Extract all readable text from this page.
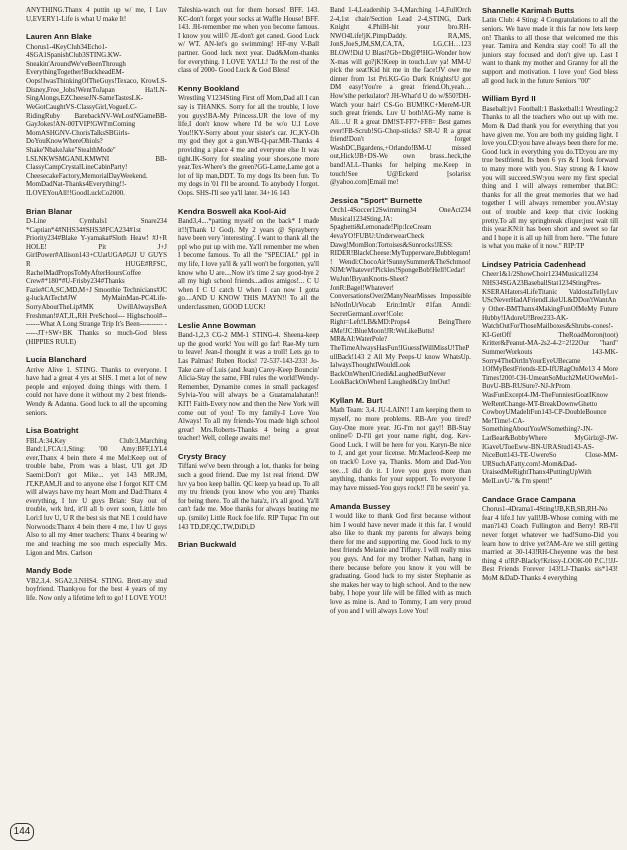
ANYTHING.Thanx 4 puttin up w/ me, I Luv U,EVERY1-Life is what U make It!

Lauren Ann Blake

Chorus1-4KeyClub34Echo1-4SGA1SpanishClub3STING.KW-Sneakin'AroundWe'veBeenThrough EverythingTogether!BuckheadEM-Oops!IwasThinkingOfTheGuys!Texaco, KrowLS-Disney,Free_Jobs!WentToJapan Ha!LN-SingAlongs,EZCheeseJN-SameTastesLK-WeGotCaughtVS-ClassyGirl,VogueLC-RidingRuby BarebackNV-WeLostNGameBB-GayJokes!AN-00TVIP!GWI'mComing MomASHGNV-ChorisTalksSBGirls-DoYouKnowWhereOhiols? Shake'NbakeJake"StealthMode" LSLNKWSMGANLKMWNI BB-ClassyCampCrystalLineCabinParty! CheesecakeFactory,MemorialDayWeekend. MomDadNat-Thanks4Everything!!-ILOVEYouAll!!GoodLuckCo2000.

Brian Blanar

D-Line Cymbals1 Snare234 *Captian*4#NHS34#SHS3#FCA234#1st Priority234#Blake Y-yamaka#Sloth Heaw! #J+R HOLE! Pit J+J GirlPower#Allison143+CUatUGA#GJJ U GUYS R HUGE#RFSC, RachelMadPropsToMyAfterHoursCoffee Crew#*180*#U-Frisby234#Thanks Fazie#CA,SC,MD,M+J Smoothie Technicians#JC g-luckAtTech#JW MyMainMan-PC4Life-SorryAboutTheLip#MK UwillAlwaysBeA Freshman!#AT,JL,RH PreSchool--- Highschool#--------What A Long Strange Trip It's Been---------- ------JT+SW+BK Thanks so much-God bless (HIPPIES RULE)

Lucia Blanchard

Arrive Alive 1. STING. Thanks to everyone. I have had a great 4 yrs at SHS. I met a lot of new people and enjoyed doing things with them. I could not have done it without my 2 best friends-Wendy & Adanna. Good luck to all the upcoming seniors.

Lisa Boatright

FBLA:34,Key Club:3,Marching Band:1,FCA:1,Sting: '00 Amy:BFF,LYL4 ever,Thanx 4 bein there 4 me Mel:Keep out of trouble babe, Prom was a blast, U'll get JD Saemi:Don't got Mike... yet 143 MR.JM, JT,KP,AM,JI and to anyone else I forgot KIT CM will always have my heart Mom and Dad:Thanx 4 everything, I luv U guys Brian: Stay out of trouble, wrk hrd, it'll all b over soon, Little bro Lori:I luv U, U R the best sis that NE 1 could have Norwoods:Thanx 4 bein there 4 me, I luv U guys Also to all my 4mer teachers: Thanx 4 bearing w/ me and teaching me soo much especially Mrs. Ligon and Mrs. Carlson

Mandy Bode

VB2,3,4. SGA2,3.NHS4. STING. Brett-my stud boyfriend. Thankyou for the best 4 years of my life. Now only a lifetime left to go! I LOVE YOU!

Taleshia-watch out for them horses! BFF. 143. KC-don't forget your socks at Waffle House! BFF. 143. JH-remember me when you become famous. I know you will© JE-don't get caned. Good Luck w/ WT. AN-let's go swimming! HF-my V-Ball partner. Good luck next year. Dad&Mom-thanks for everything. I LOVE YA'LL! To the rest of the class of 2000- Good Luck & God Bless!

Kenny Bookland

Wrestling V1234Sting First off Mom,Dad all I can say is THANKS. Sorry for all the trouble, I love you guys!BA-My Princess.UR the love of my life,I don't know where I'd be w/o U.I Love You!!KY-Sorry about your sister's car. JC,KY-Oh my god they got a gun.WB-Q-par.MR-Thanks 4 providing a place 4 me and everyone else It was tight.IK-Sorry for stealing your shoes,one more year.Tex-Where's the green?GG-Lame,Lame got a lot of lip man,DDT. To my dogs Its been fun. To my dogs in '01 I'll be around. To anybody I forgot. Oops. SHS-I'll see ya'll later. 34+16 143

Kendra Boswell aka Kool-Aid

Band3,4....*patting myself on the back* I made it!!(Thank U God). My 2 years @ Sprayberry have been very 'interesting'. I want to thank all the ppl who put up with me. Ya'll remember me when I become famous. To all the "SPECIAL" ppl in my life, I love ya'll & ya'll won't be forgotten, ya'll know who U are....Now it's time 2 say good-bye 2 all my high school friends...adios amigos!... C U when I C U catch U when I can now I gotta go....AND U KNOW THIS MAYN!! To all the underclassmen, GOOD LUCK!

Leslie Anne Bowman

Band-1,2,3 CG-2 MM-1 STING-4. Sheena-keep up the good work! You will go far! Rae-My turn to leave! Jean-I thought it was a troll! Lets go to Las Palmas! Ruben Rocks! 72-537-143-233! Jo-Take care of Luis (and Jean) Carey-Keep Bouncin' Alicia-Stay the same, FBI rules the world!Wendy-Remember, Dynamite comes in small packages! Sylvia-You will always be a Guatamalahatan!! KIT! Faith-Every now and then the New York will come out of you! To my family-I Love You Always! To all my friends-You made high school great! Mrs.Roberts-Thanks 4 being a great teacher! Well, college awaits me!

Crysty Bracy

Tiffani we've been through a lot, thanks for being such a good friend. Dae my 1st real friend. DW luv ya boo keep ballin. QC keep ya head up. To all my tru friends (you know who you are) Thanks for being there. To all the hata'z, it's all good. Ya'll can't fade me. Moe thanks for always beating me up. (smile) Little Rock foe life. RIP Tupac I'm out 143 TD,DF,QC,TW,DiDi,D

Brian Buckwald

Band 1-4,Leadership 3-4,Marching 1-4,FullOrch 2-4,1st chair/Section Lead 2-4,STING, Dark Knight 4.PhilH-hit your bro.RH-NWO4Life!jK.PimpDaddy. RA,MS, JonS,JoeS,JM,SM,CA,TA, LG,CH…123 BLOW!Did U Blast?Gb+Db@P!HG-Wonder how X-mas will go?jK!Keep in touch.Luv ya! MM-U pick the seat!Kid hit me in the face!JV owe me dinner from 1st Pri.KG-Go Dark Knights!U got DM easy!You're a great friend.Oh,yeah…How'sthe perkulator? JH-What'd U do w/$50?DH-Watch your hair! CS-Go BUM!KC+MereM-UR such great friends. Luv U both!AG-My name is Ali…U R a great DM!ST-FF7+FF8= Best games ever!FB-Scrub!SG-Chop-sticks? SR-U R a great friend!Don't forget WashDC,Bgardens,+Orlando!BM-U missed out,Hick!JB+DS-We own brass..heck,the band!ALL-Thanks for helping me.Keep in touch!See U@Eckerd [solarisx @yahoo.com]Email me!

Jessica "Sport" Burnette

Orch1-4Soccer12Swimming34 OneAct234 Musical1234Sting.JA: Spaghetti&Lemonade!Pip:IceCream 4evaYO!FUBU:UnderwearCheck Dawg!MomBon:Tortoises&Sunrocks!JESS: RIDER!BlackCheese:MyTupperware,Bubblegum!! Wendi:ChocoAir!SunnySummer&TheSchmoo! NJM:Whatever!Pickles!SpongeBob!Hell!Cedar!WuJun!BryanKnotts-Sheet?JonR:Bagel!Whatever! ConversationsOver2ManyNearMisses Impossible IsNotInUrVocab Erin:ImUr #1fan Anndi: SecretGermanLover!Cole: Right=Left!LB&MD:Props4 BeingThere 4Me!JC:BlueMoon!JR:WeLikeButts! MR&AI:WaterPole?TheTimeAlwaysHasFun!IGuessIWillMissU!ThePullBack!143 2 All My Peeps-U know WhatsUp. IalwaysThoughtIWouldLook BackOnWhenICriedi&LaughedButNever LookBackOnWhenI Laughed&Cry ImOut!

Kyllan M. Burt

Math Team: 3,4. JU-LAIN!! I am keeping them to myself, no more problems. RB-Are you tired? Guy-One more year. JG-I'm not gay!! BB-Stay online© D-I'll get your name right, dog. Kev-Good Luck. I will be here for you. Karyn-Be nice to J, and get your license. Mr.Macleod-Keep me on track© Love ya, Thanks. Mom and Dad-You see…I did do it. I love you guys more than anything, thanks for your support. To everyone I may have missed-You guys rock!! I'll be seein' ya.

Amanda Bussey

I would like to thank God first because without him I would have never made it this far. I would also like to thank my parents for always being there for me and supporting me. Good luck to my best friends Melanie and Tiffany. I will really miss you guys. And for my brother Nathan, hang in there because before you know it you will be graduating. Good luck to my sister Stephanie as she makes her way to high school. And to the new baby, I hope your life will be filled with as much love as mine is. And to Tommy, I am very proud of you and I will always Love You!

Shannelle Karimah Butts

Latin Club: 4 Sting: 4 Congratulations to all the seniors. We have made it this far now lets keep on! Thanks to all those that welcomed me this year. Tamira and Kendra stay cool! To all the juniors stay focused and don't give up. Last I want to thank my mother and Granny for all the support and motivation. I love you! God bless all good luck in the future Seniors "00"

William Byrd II

Baseball:jv1 Football:1 Basketball:1 Wrestling:2 Thanks to all the teachers who out up with me. Mom & Dad thank you for everything that you have given me. You are both my guiding light. I love you.CD:you have always been there for me. Good luck in everything you do.TD:you are my true bestfriend. Its been 6 yrs & I look forward to many more with you. Stay strong & I know you will succeed.SW:you were my first special thing and I will always remember that.BC: thanks for all the great memories that we had together I will always remember you.AV:stay out of trouble and keep that civic looking pretty.To all my springbreak clique:just wait till this year.KN:it has been short and sweet so far and I hope it is all up hill from here. "The future is what you make of it now." RIP:TP

Lindsey Patricia Cadenhead

Cheer1&1/2ShowChoir1234Musical1234 NHS34SGA23BaseballStat1234StingPres-KSERAHaters4LifeTitanic ValdostaTellyLuv UScNeverHadAFriendLikeUL&DDon'tWantAny Other-BMThanx4MakingFunOfMeMy Future Hubby!IAdoreU!Bree233-AK-WatchOutForThoseMailboxes&Shrubs-cones!-KI-GetOff TheRoadMoron(toot) Kritter&Peanut-MA-2s2-4-2=2!22Our "hard" SummerWorkouts 143-MK-Sorry4TheDirtInYourEyeUBecame 1OfMyBestFriends-ED-IfURagOnMe13 4 More Times!200!-CH-UmeanSoMuch2MeUOweMe1-BuvU-BB-RUSure?-NJ-JrProm WasFunExcept4-JM-TheFunniestGoatIKnow WeRentChange-MT-BreakDownwGhetto CowboyUMadeItFun143-CP-DoubleBounce Me!Time!-CA-SomethingAboutYouWSomething?-JN-LarBear&BobbyWhere MyGirlz@-JW-IGaveUToeEww-BN-URAStud143-AS-NiceButt143-TE-UwereSo Close-MM-URSuchAFatty.com!-Mom&Dad-UraisedMeRightThanx4PuttingUpWith MeILuvU-"& I'm spent!"

Candace Grace Campana

Chorus1-4Drama1-4Sting!JB,KB,SB,RH-No fear 4 life.I luv yall!JB-Whose coming with me man?143 Coach Fullington and Berry! RB-I'll never forget whatever we had!Sumo-Did you learn how to drive yet?AM-Are we still getting married at 30-143!RH-Cheyenne was the best thing 4 u!RP-Blacky!Krissy-LOOK-00 P.C.!!JJ-Best Friends Forever 143!LJ-Thanks sis*143! MoM &DaD-Thanks 4 everything

144
